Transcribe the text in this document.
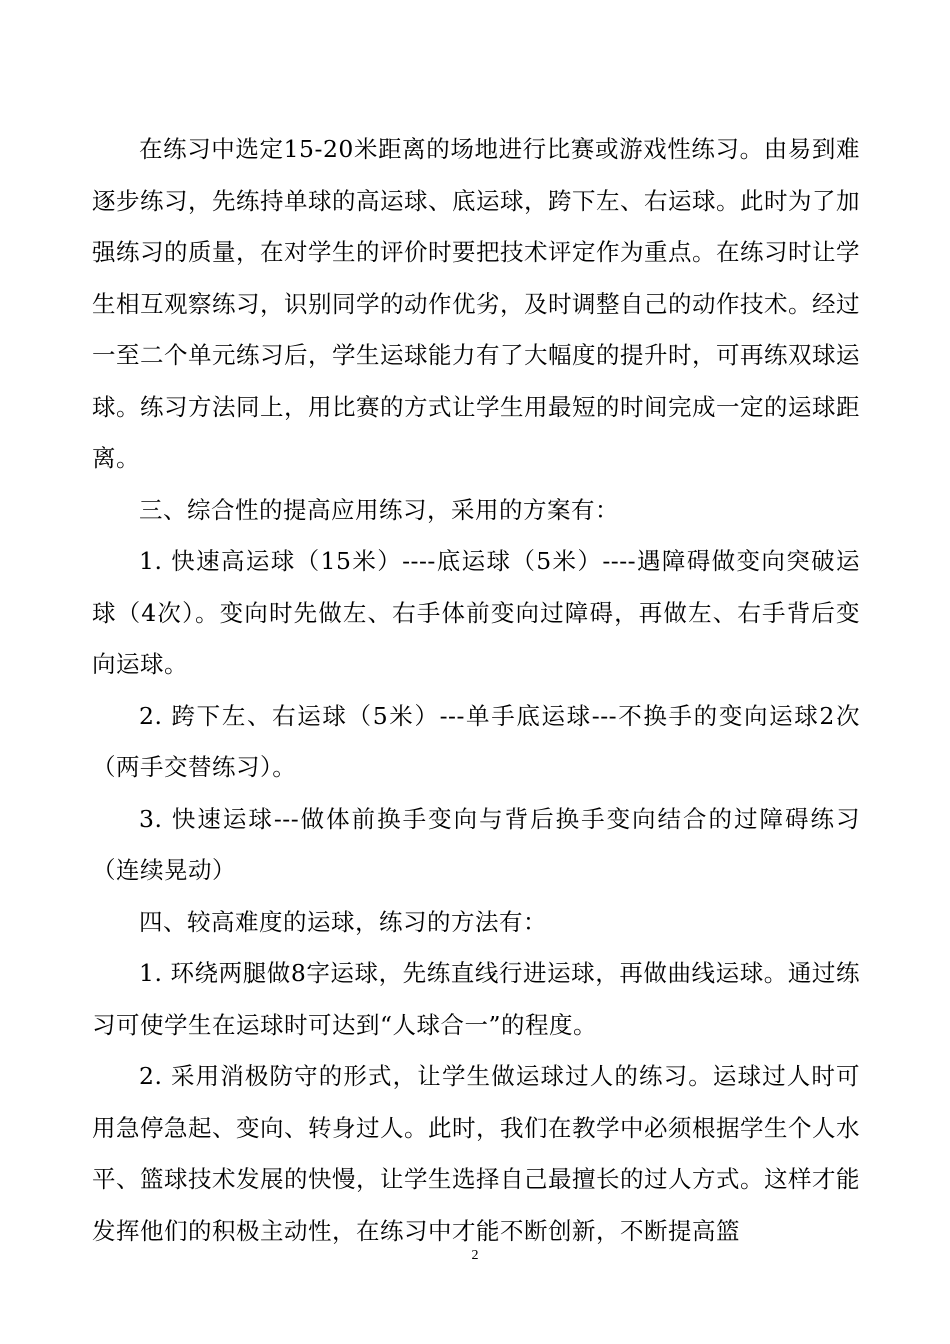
在练习中选定15-20米距离的场地进行比赛或游戏性练习。由易到难逐步练习，先练持单球的高运球、底运球，跨下左、右运球。此时为了加强练习的质量，在对学生的评价时要把技术评定作为重点。在练习时让学生相互观察练习，识别同学的动作优劣，及时调整自己的动作技术。经过一至二个单元练习后，学生运球能力有了大幅度的提升时，可再练双球运球。练习方法同上，用比赛的方式让学生用最短的时间完成一定的运球距离。

三、综合性的提高应用练习，采用的方案有：

1. 快速高运球（15米）----底运球（5米）----遇障碍做变向突破运球（4次）。变向时先做左、右手体前变向过障碍，再做左、右手背后变向运球。

2. 跨下左、右运球（5米）---单手底运球---不换手的变向运球2次（两手交替练习）。

3. 快速运球---做体前换手变向与背后换手变向结合的过障碍练习（连续晃动）

四、较高难度的运球，练习的方法有：

1. 环绕两腿做8字运球，先练直线行进运球，再做曲线运球。通过练习可使学生在运球时可达到“人球合一”的程度。

2. 采用消极防守的形式，让学生做运球过人的练习。运球过人时可用急停急起、变向、转身过人。此时，我们在教学中必须根据学生个人水平、篮球技术发展的快慢，让学生选择自己最擅长的过人方式。这样才能发挥他们的积极主动性，在练习中才能不断创新，不断提高篮

2
